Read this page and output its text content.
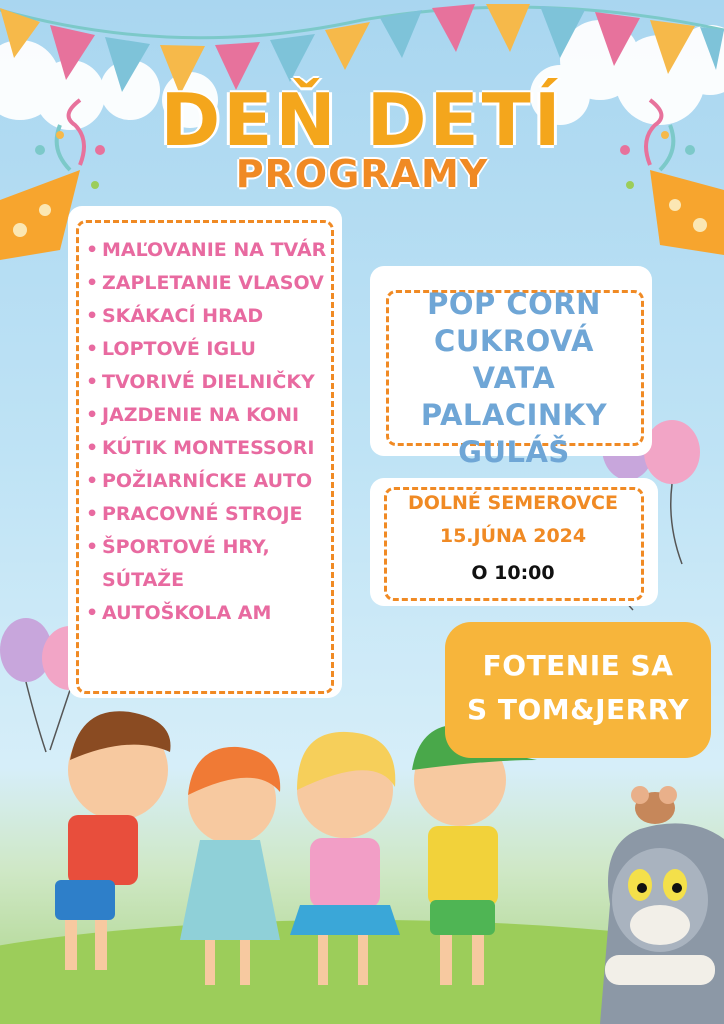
DEŇ DETÍ
PROGRAMY
• MAĽOVANIE NA TVÁR
• ZAPLETANIE VLASOV
• SKÁKACÍ HRAD
• LOPTOVÉ IGLU
• TVORIVÉ DIELNIČKY
• JAZDENIE NA KONI
• KÚTIK MONTESSORI
• POŽIARNÍCKE AUTO
• PRACOVNÉ STROJE
• ŠPORTOVÉ HRY,
SÚTAŽE
• AUTOŠKOLA AM
POP CORN
CUKROVÁ VATA
PALACINKY
GULÁŠ
DOLNÉ SEMEROVCE
15.JÚNA 2024
O 10:00
FOTENIE SA
S TOM&JERRY
